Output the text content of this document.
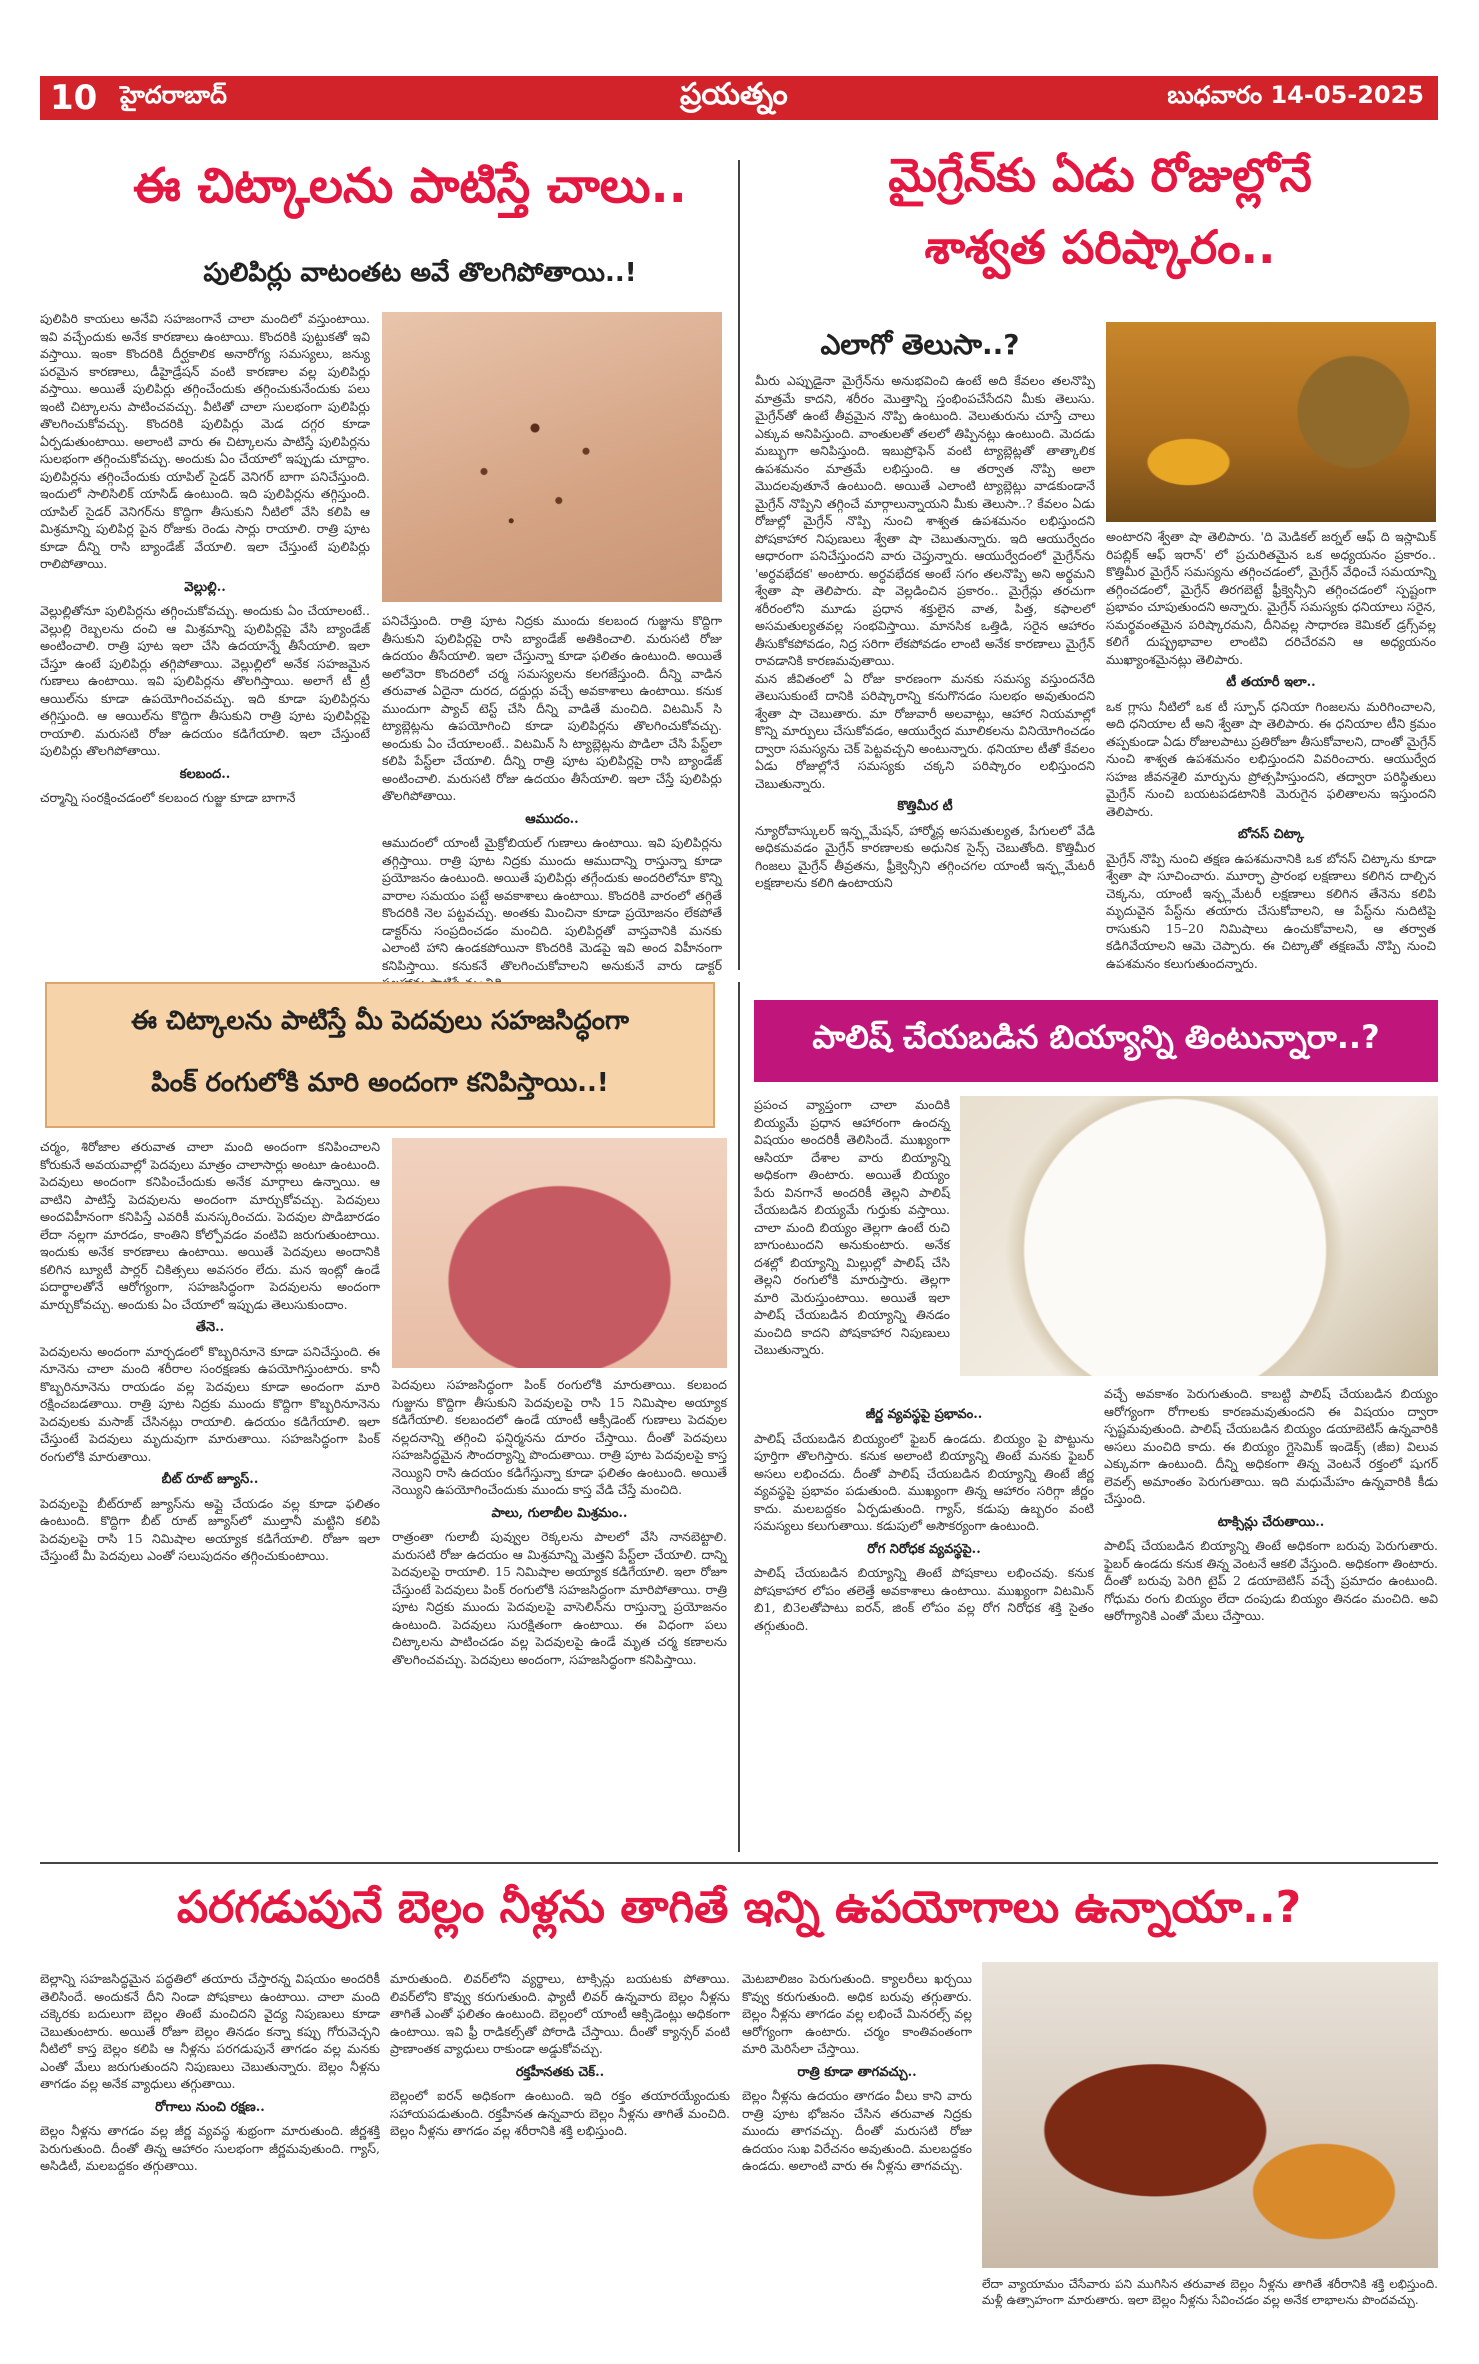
10 హైదరాబాద్	ప్రయత్నం	బుధవారం 14-05-2025
ఈ చిట్కాలను పాటిస్తే చాలు..
పులిపిర్లు వాటంతట అవే తొలగిపోతాయి..!

పులిపిరి కాయలు అనేవి సహజంగానే చాలా మందిలో వస్తుంటాయి. ఇవి వచ్చేందుకు అనేక కారణాలు ఉంటాయి. కొందరికి పుట్టుకతో ఇవి వస్తాయి. ఇంకా కొందరికి దీర్ఘకాలిక అనారోగ్య సమస్యలు, జన్యు పరమైన కారణాలు, డీహైడ్రేషన్ వంటి కారణాల వల్ల పులిపిర్లు వస్తాయి. అయితే పులిపిర్లు తగ్గించేందుకు తగ్గించుకునేందుకు పలు ఇంటి చిట్కాలను పాటించవచ్చు. వీటితో చాలా సులభంగా పులిపిర్లు తొలగించుకోవచ్చు. కొందరికి పులిపిర్లు మెడ దగ్గర కూడా ఏర్పడుతుంటాయి. అలాంటి వారు ఈ చిట్కాలను పాటిస్తే పులిపిర్లను సులభంగా తగ్గించుకోవచ్చు. అందుకు ఏం చేయాలో ఇప్పుడు చూద్దాం. పులిపిర్లను తగ్గించేందుకు యాపిల్ సైడర్ వెనిగర్ బాగా పనిచేస్తుంది. ఇందులో సాలిసిలిక్ యాసిడ్ ఉంటుంది. ఇది పులిపిర్లను తగ్గిస్తుంది. యాపిల్ సైడర్ వెనిగర్‌ను కొద్దిగా తీసుకుని నీటిలో వేసి కలిపి ఆ మిశ్రమాన్ని పులిపిర్ల పైన రోజుకు రెండు సార్లు రాయాలి. రాత్రి పూట కూడా దీన్ని రాసి బ్యాండేజ్ వేయాలి. ఇలా చేస్తుంటే పులిపిర్లు రాలిపోతాయి.

వెల్లుల్లి..

వెల్లుల్లితోనూ పులిపిర్లను తగ్గించుకోవచ్చు. అందుకు ఏం చేయాలంటే.. వెల్లుల్లి రెబ్బలను దంచి ఆ మిశ్రమాన్ని పులిపిర్లపై వేసి బ్యాండేజ్ అంటించాలి. రాత్రి పూట ఇలా చేసి ఉదయాన్నే తీసేయాలి. ఇలా చేస్తూ ఉంటే పులిపిర్లు తగ్గిపోతాయి. వెల్లుల్లిలో అనేక సహజమైన గుణాలు ఉంటాయి. ఇవి పులిపిర్లను తొలగిస్తాయి. అలాగే టీ ట్రీ ఆయిల్‌ను కూడా ఉపయోగించవచ్చు. ఇది కూడా పులిపిర్లను తగ్గిస్తుంది. ఆ ఆయిల్‌ను కొద్దిగా తీసుకుని రాత్రి పూట పులిపిర్లపై రాయాలి. మరుసటి రోజు ఉదయం కడిగేయాలి. ఇలా చేస్తుంటే పులిపిర్లు తొలగిపోతాయి.

కలబంద..

చర్మాన్ని సంరక్షించడంలో కలబంద గుజ్జు కూడా బాగానే

పనిచేస్తుంది. రాత్రి పూట నిద్రకు ముందు కలబంద గుజ్జును కొద్దిగా తీసుకుని పులిపిర్లపై రాసి బ్యాండేజ్ అతికించాలి. మరుసటి రోజు ఉదయం తీసేయాలి. ఇలా చేస్తున్నా కూడా ఫలితం ఉంటుంది. అయితే అలోవెరా కొందరిలో చర్మ సమస్యలను కలగజేస్తుంది. దీన్ని వాడిన తరువాత ఏదైనా దురద, దద్దుర్లు వచ్చే అవకాశాలు ఉంటాయి. కనుక ముందుగా ప్యాచ్ టెస్ట్ చేసి దీన్ని వాడితే మంచిది. విటమిన్ సి ట్యాబ్లెట్లను ఉపయోగించి కూడా పులిపిర్లను తొలగించుకోవచ్చు. అందుకు ఏం చేయాలంటే.. విటమిన్ సి ట్యాబ్లెట్లను పొడిలా చేసి పేస్ట్‌లా కలిపి పేస్ట్‌లా చేయాలి. దీన్ని రాత్రి పూట పులిపిర్లపై రాసి బ్యాండేజ్ అంటించాలి. మరుసటి రోజు ఉదయం తీసేయాలి. ఇలా చేస్తే పులిపిర్లు తొలగిపోతాయి.

ఆముదం..

ఆముదంలో యాంటీ మైక్రోబియల్ గుణాలు ఉంటాయి. ఇవి పులిపిర్లను తగ్గిస్తాయి. రాత్రి పూట నిద్రకు ముందు ఆముదాన్ని రాస్తున్నా కూడా ప్రయోజనం ఉంటుంది. అయితే పులిపిర్లు తగ్గేందుకు అందరిలోనూ కొన్ని వారాల సమయం పట్టే అవకాశాలు ఉంటాయి. కొందరికి వారంలో తగ్గితే కొందరికి నెల పట్టవచ్చు. అంతకు మించినా కూడా ప్రయోజనం లేకపోతే డాక్టర్‌ను సంప్రదించడం మంచిది. పులిపిర్లతో వాస్తవానికి మనకు ఎలాంటి హాని ఉండకపోయినా కొందరికి మెడపై ఇవి అంద విహీనంగా కనిపిస్తాయి. కనుకనే తొలగించుకోవాలని అనుకునే వారు డాక్టర్

మైగ్రేన్‌కు ఏడు రోజుల్లోనే
శాశ్వత పరిష్కారం..
ఎలాగో తెలుసా..?

మీరు ఎప్పుడైనా మైగ్రేన్‌ను అనుభవించి ఉంటే అది కేవలం తలనొప్పి మాత్రమే కాదని, శరీరం మొత్తాన్ని స్తంభింపచేసేదని మీకు తెలుసు. మైగ్రేన్‌తో ఉంటే తీవ్రమైన నొప్పి ఉంటుంది. వెలుతురును చూస్తే చాలు ఎక్కువ అనిపిస్తుంది. వాంతులతో తలలో తిప్పినట్లు ఉంటుంది. మెదడు మబ్బుగా అనిపిస్తుంది. ఇబుప్రోఫెన్ వంటి ట్యాబ్లెట్లతో తాత్కాలిక ఉపశమనం మాత్రమే లభిస్తుంది. ఆ తర్వాత నొప్పి అలా మొదలవుతూనే ఉంటుంది. అయితే ఎలాంటి ట్యాబ్లెట్లు వాడకుండానే మైగ్రేన్ నొప్పిని తగ్గించే మార్గాలున్నాయని మీకు తెలుసా..? కేవలం ఏడు రోజుల్లో మైగ్రేన్ నొప్పి నుంచి శాశ్వత ఉపశమనం లభిస్తుందని పోషకాహార నిపుణులు శ్వేతా షా చెబుతున్నారు. ఇది ఆయుర్వేదం ఆధారంగా పనిచేస్తుందని వారు చెప్తున్నారు. ఆయుర్వేదంలో మైగ్రేన్‌ను 'అర్ధవభేదక' అంటారు. అర్ధవభేదక అంటే సగం తలనొప్పి అని అర్థమని శ్వేతా షా తెలిపారు. షా వెల్లడించిన ప్రకారం.. మైగ్రేన్లు తరచుగా శరీరంలోని మూడు ప్రధాన శక్తులైన వాత, పిత్త, కఫాలలో అసమతుల్యతవల్ల సంభవిస్తాయి. మానసిక ఒత్తిడి, సరైన ఆహారం తీసుకోకపోవడం, నిద్ర సరిగా లేకపోవడం లాంటి అనేక కారణాలు మైగ్రేన్ రావడానికి కారణమవుతాయి.

మన జీవితంలో ఏ రోజు కారణంగా మనకు సమస్య వస్తుందనేది తెలుసుకుంటే దానికి పరిష్కారాన్ని కనుగొనడం సులభం అవుతుందని శ్వేతా షా చెబుతారు. మా రోజువారీ అలవాట్లు, ఆహార నియమాల్లో కొన్ని మార్పులు చేసుకోవడం, ఆయుర్వేద మూలికలను వినియోగించడం ద్వారా సమస్యను చెక్ పెట్టవచ్చని అంటున్నారు. థనియాల టీతో కేవలం ఏడు రోజుల్లోనే సమస్యకు చక్కని పరిష్కారం లభిస్తుందని చెబుతున్నారు.

కొత్తిమీర టీ

న్యూరోవాస్కులర్ ఇన్ఫ్లమేషన్, హార్మోన్ల అసమతుల్యత, పేగులలో వేడి అధికమవడం మైగ్రేన్ కారణాలకు అధునిక సైన్స్ చెబుతోంది. కొత్తిమీర గింజలు మైగ్రేన్ తీవ్రతను, ఫ్రీక్వెన్సీని తగ్గించగల యాంటీ ఇన్ఫ్లమేటరీ లక్షణాలను కలిగి ఉంటాయని

అంటారని శ్వేతా షా తెలిపారు. 'ది మెడికల్ జర్నల్ ఆఫ్ ది ఇస్లామిక్ రిపబ్లిక్ ఆఫ్ ఇరాన్' లో ప్రచురితమైన ఒక అధ్యయనం ప్రకారం.. కొత్తిమీర మైగ్రేన్ సమస్యను తగ్గించడంలో, మైగ్రేన్ వేధించే సమయాన్ని తగ్గించడంలో, మైగ్రేన్ తిరగబెట్టే ఫ్రీక్వెన్సీని తగ్గించడంలో స్పష్టంగా ప్రభావం చూపుతుందని అన్నారు. మైగ్రేన్ సమస్యకు ధనియాలు సరైన, సమర్థవంతమైన పరిష్కారమని, దీనివల్ల సాధారణ కెమికల్ డ్రగ్స్‌వల్ల కలిగే దుష్ప్రభావాల లాంటివి దరిచేరవని ఆ అధ్యయనం ముఖ్యాంశమైనట్లు తెలిపారు.

టీ తయారీ ఇలా..

ఒక గ్లాసు నీటిలో ఒక టీ స్పూన్ ధనియా గింజలను మరిగించాలని, అది ధనియాల టీ అని శ్వేతా షా తెలిపారు. ఈ ధనియాల టీని క్రమం తప్పకుండా ఏడు రోజులపాటు ప్రతిరోజూ తీసుకోవాలని, దాంతో మైగ్రేన్ నుంచి శాశ్వత ఉపశమనం లభిస్తుందని వివరించారు. ఆయుర్వేద సహజ జీవనశైలి మార్పును ప్రోత్సహిస్తుందని, తద్వారా పరిస్థితులు మైగ్రేన్ నుంచి బయటపడటానికి మెరుగైన ఫలితాలను ఇస్తుందని తెలిపారు.

బోనస్ చిట్కా

మైగ్రేన్ నొప్పి నుంచి తక్షణ ఉపశమనానికి ఒక బోనస్ చిట్కాను కూడా శ్వేతా షా సూచించారు. మూర్ఛా ప్రారంభ లక్షణాలు కలిగిన దాల్చిన చెక్కను, యాంటీ ఇన్ఫ్లమేటరీ లక్షణాలు కలిగిన తేనెను కలిపి మృదువైన పేస్ట్‌ను తయారు చేసుకోవాలని, ఆ పేస్ట్‌ను నుదిటిపై రాసుకుని 15–20 నిమిషాలు ఉంచుకోవాలని, ఆ తర్వాత కడిగివేయాలని ఆమె చెప్పారు. ఈ చిట్కాతో తక్షణమే నొప్పి నుంచి ఉపశమనం కలుగుతుందన్నారు.

ఈ చిట్కాలను పాటిస్తే మీ పెదవులు సహజసిద్ధంగా
పింక్ రంగులోకి మారి అందంగా కనిపిస్తాయి..!

చర్మం, శిరోజాల తరువాత చాలా మంది అందంగా కనిపించాలని కోరుకునే అవయవాల్లో పెదవులు మాత్రం చాలాసార్లు అంటూ ఉంటుంది. పెదవులు అందంగా కనిపించేందుకు అనేక మార్గాలు ఉన్నాయి. ఆ వాటిని పాటిస్తే పెదవులను అందంగా మార్చుకోవచ్చు. పెదవులు అందవిహీనంగా కనిపిస్తే ఎవరికీ మనస్కరించదు. పెదవుల పొడిబారడం లేదా నల్లగా మారడం, కాంతిని కోల్పోవడం వంటివి జరుగుతుంటాయి. ఇందుకు అనేక కారణాలు ఉంటాయి. అయితే పెదవులు అందానికి కలిగిన బ్యూటీ పార్లర్ చికిత్సలు అవసరం లేదు. మన ఇంట్లో ఉండే పదార్థాలతోనే ఆరోగ్యంగా, సహజసిద్ధంగా పెదవులను అందంగా మార్చుకోవచ్చు. అందుకు ఏం చేయాలో ఇప్పుడు తెలుసుకుందాం.

తేనె..

పెదవులను అందంగా మార్చడంలో కొబ్బరినూనె కూడా పనిచేస్తుంది. ఈ నూనెను చాలా మంది శరీరాల సంరక్షణకు ఉపయోగిస్తుంటారు. కానీ కొబ్బరినూనెను రాయడం వల్ల పెదవులు కూడా అందంగా మారి రక్షించబడతాయి. రాత్రి పూట నిద్రకు ముందు కొద్దిగా కొబ్బరినూనెను పెదవులకు మసాజ్ చేసినట్లు రాయాలి. ఉదయం కడిగేయాలి. ఇలా చేస్తుంటే పెదవులు మృదువుగా మారుతాయి. సహజసిద్ధంగా పింక్ రంగులోకి మారుతాయి.

బీట్ రూట్ జ్యూస్..

పెదవులపై బీట్‌రూట్ జ్యూస్‌ను అప్లై చేయడం వల్ల కూడా ఫలితం ఉంటుంది. కొద్దిగా బీట్ రూట్ జ్యూస్‌లో ముల్తానీ మట్టిని కలిపి పెదవులపై రాసి 15 నిమిషాల అయ్యాక కడిగేయాలి. రోజూ ఇలా చేస్తుంటే మీ పెదవులు ఎంతో సలుపుదనం తగ్గించుకుంటాయి.

పెదవులు సహజసిద్ధంగా పింక్ రంగులోకి మారుతాయి. కలబంద గుజ్జును కొద్దిగా తీసుకుని పెదవులపై రాసి 15 నిమిషాల అయ్యాక కడిగేయాలి. కలబందలో ఉండే యాంటీ ఆక్సీడెంట్ గుణాలు పెదవుల నల్లదనాన్ని తగ్గించి ఫన్షిర్మనను దూరం చేస్తాయి. దీంతో పెదవులు సహజసిద్ధమైన సౌందర్యాన్ని పొందుతాయి. రాత్రి పూట పెదవులపై కాస్త నెయ్యిని రాసి ఉదయం కడిగేస్తున్నా కూడా ఫలితం ఉంటుంది. అయితే నెయ్యిని ఉపయోగించేందుకు ముందు కాస్త వేడి చేస్తే మంచిది.

పాలు, గులాబీల మిశ్రమం..

రాత్రంతా గులాబీ పువ్వుల రెక్కలను పాలలో వేసి నానబెట్టాలి. మరుసటి రోజు ఉదయం ఆ మిశ్రమాన్ని మెత్తని పేస్ట్‌లా చేయాలి. దాన్ని పెదవులపై రాయాలి. 15 నిమిషాల అయ్యాక కడిగేయాలి. ఇలా రోజూ చేస్తుంటే పెదవులు పింక్ రంగులోకి సహజసిద్ధంగా మారిపోతాయి. రాత్రి పూట నిద్రకు ముందు పెదవులపై వాసెలిన్‌ను రాస్తున్నా ప్రయోజనం ఉంటుంది. పెదవులు సురక్షితంగా ఉంటాయి. ఈ విధంగా పలు చిట్కాలను పాటించడం వల్ల పెదవులపై ఉండే మృత చర్మ కణాలను తొలగించవచ్చు. పెదవులు అందంగా, సహజసిద్ధంగా కనిపిస్తాయి.

పాలిష్ చేయబడిన బియ్యాన్ని తింటున్నారా..?

ప్రపంచ వ్యాప్తంగా చాలా మందికి బియ్యమే ప్రధాన ఆహారంగా ఉందన్న విషయం అందరికీ తెలిసిందే. ముఖ్యంగా ఆసియా దేశాల వారు బియ్యాన్ని అధికంగా తింటారు. అయితే బియ్యం పేరు వినగానే అందరికీ తెల్లని పాలిష్ చేయబడిన బియ్యమే గుర్తుకు వస్తాయి. చాలా మంది బియ్యం తెల్లగా ఉంటే రుచి బాగుంటుందని అనుకుంటారు. అనేక దశల్లో బియ్యాన్ని మిల్లుల్లో పాలిష్ చేసి తెల్లని రంగులోకి మారుస్తారు. తెల్లగా మారి మెరుస్తుంటాయి. అయితే ఇలా పాలిష్ చేయబడిన బియ్యాన్ని తినడం మంచిది కాదని పోషకాహార నిపుణులు చెబుతున్నారు.

జీర్ణ వ్యవస్థపై ప్రభావం..

పాలిష్ చేయబడిన బియ్యంలో ఫైబర్ ఉండదు. బియ్యం పై పొట్టును పూర్తిగా తొలగిస్తారు. కనుక అలాంటి బియ్యాన్ని తింటే మనకు ఫైబర్ అసలు లభించదు. దీంతో పాలిష్ చేయబడిన బియ్యాన్ని తింటే జీర్ణ వ్యవస్థపై ప్రభావం పడుతుంది. ముఖ్యంగా తిన్న ఆహారం సరిగ్గా జీర్ణం కాదు. మలబద్దకం ఏర్పడుతుంది. గ్యాస్, కడుపు ఉబ్బరం వంటి సమస్యలు కలుగుతాయి. కడుపులో అసౌకర్యంగా ఉంటుంది.

రోగ నిరోధక వ్యవస్థపై..

పాలిష్ చేయబడిన బియ్యాన్ని తింటే పోషకాలు లభించవు. కనుక పోషకాహార లోపం తలెత్తే అవకాశాలు ఉంటాయి. ముఖ్యంగా విటమిన్ బి1, బి3లతోపాటు ఐరన్, జింక్ లోపం వల్ల రోగ నిరోధక శక్తి సైతం తగ్గుతుంది.

వచ్చే అవకాశం పెరుగుతుంది. కాబట్టి పాలిష్ చేయబడిన బియ్యం ఆరోగ్యంగా రోగాలకు కారణమవుతుందని ఈ విషయం ద్వారా స్పష్టమవుతుంది. పాలిష్ చేయబడిన బియ్యం డయాబెటిస్ ఉన్నవారికి అసలు మంచిది కాదు. ఈ బియ్యం గ్లైసెమిక్ ఇండెక్స్ (జీఐ) విలువ ఎక్కువగా ఉంటుంది. దీన్ని అధికంగా తిన్న వెంటనే రక్తంలో షుగర్ లెవల్స్ అమాంతం పెరుగుతాయి. ఇది మధుమేహం ఉన్నవారికి కీడు చేస్తుంది.

టాక్సిన్లు చేరుతాయి..

పాలిష్ చేయబడిన బియ్యాన్ని తింటే అధికంగా బరువు పెరుగుతారు. ఫైబర్ ఉండదు కనుక తిన్న వెంటనే ఆకలి వేస్తుంది. అధికంగా తింటారు. దీంతో బరువు పెరిగి టైప్ 2 డయాబెటిస్ వచ్చే ప్రమాదం ఉంటుంది. గోధుమ రంగు బియ్యం లేదా దంపుడు బియ్యం తినడం మంచిది. అవి ఆరోగ్యానికి ఎంతో మేలు చేస్తాయి.

పరగడుపునే బెల్లం నీళ్లను తాగితే ఇన్ని ఉపయోగాలు ఉన్నాయా..?

బెల్లాన్ని సహజసిద్ధమైన పద్ధతిలో తయారు చేస్తారన్న విషయం అందరికీ తెలిసిందే. అందుకనే దీని నిండా పోషకాలు ఉంటాయి. చాలా మంది చక్కెరకు బదులుగా బెల్లం తింటే మంచిదని వైద్య నిపుణులు కూడా చెబుతుంటారు. అయితే రోజూ బెల్లం తినడం కన్నా కప్పు గోరువెచ్చని నీటిలో కాస్త బెల్లం కలిపి ఆ నీళ్లను పరగడుపునే తాగడం వల్ల మనకు ఎంతో మేలు జరుగుతుందని నిపుణులు చెబుతున్నారు. బెల్లం నీళ్లను తాగడం వల్ల అనేక వ్యాధులు తగ్గుతాయి.

రోగాలు నుంచి రక్షణ..

బెల్లం నీళ్లను తాగడం వల్ల జీర్ణ వ్యవస్థ శుభ్రంగా మారుతుంది. జీర్ణశక్తి పెరుగుతుంది. దీంతో తిన్న ఆహారం సులభంగా జీర్ణమవుతుంది. గ్యాస్, అసిడిటీ, మలబద్దకం తగ్గుతాయి.

మారుతుంది. లివర్‌లోని వ్యర్థాలు, టాక్సిన్లు బయటకు పోతాయి. లివర్‌లోని కొవ్వు కరుగుతుంది. ఫ్యాటీ లివర్ ఉన్నవారు బెల్లం నీళ్లను తాగితే ఎంతో ఫలితం ఉంటుంది. బెల్లంలో యాంటీ ఆక్సిడెంట్లు అధికంగా ఉంటాయి. ఇవి ఫ్రీ రాడికల్స్‌తో పోరాడి చేస్తాయి. దీంతో క్యాన్సర్ వంటి ప్రాణాంతక వ్యాధులు రాకుండా అడ్డుకోవచ్చు.

రక్తహీనతకు చెక్..

బెల్లంలో ఐరన్ అధికంగా ఉంటుంది. ఇది రక్తం తయారయ్యేందుకు సహాయపడుతుంది. రక్తహీనత ఉన్నవారు బెల్లం నీళ్లను తాగితే మంచిది. బెల్లం నీళ్లను తాగడం వల్ల శరీరానికి శక్తి లభిస్తుంది.

మెటబాలిజం పెరుగుతుంది. క్యాలరీలు ఖర్చయి కొవ్వు కరుగుతుంది. అధిక బరువు తగ్గుతారు. బెల్లం నీళ్లను తాగడం వల్ల లభించే మినరల్స్ వల్ల ఆరోగ్యంగా ఉంటారు. చర్మం కాంతివంతంగా మారి మెరిసేలా చేస్తాయి.

రాత్రి కూడా తాగవచ్చు..

బెల్లం నీళ్లను ఉదయం తాగడం వీలు కాని వారు రాత్రి పూట భోజనం చేసిన తరువాత నిద్రకు ముందు తాగవచ్చు. దీంతో మరుసటి రోజు ఉదయం సుఖ విరేచనం అవుతుంది. మలబద్దకం ఉండదు. అలాంటి వారు ఈ నీళ్లను తాగవచ్చు.

లేదా వ్యాయామం చేసేవారు పని ముగిసిన తరువాత బెల్లం నీళ్లను తాగితే శరీరానికి శక్తి లభిస్తుంది. మళ్లీ ఉత్సాహంగా మారుతారు. ఇలా బెల్లం నీళ్లను సేవించడం వల్ల అనేక లాభాలను పొందవచ్చు.
